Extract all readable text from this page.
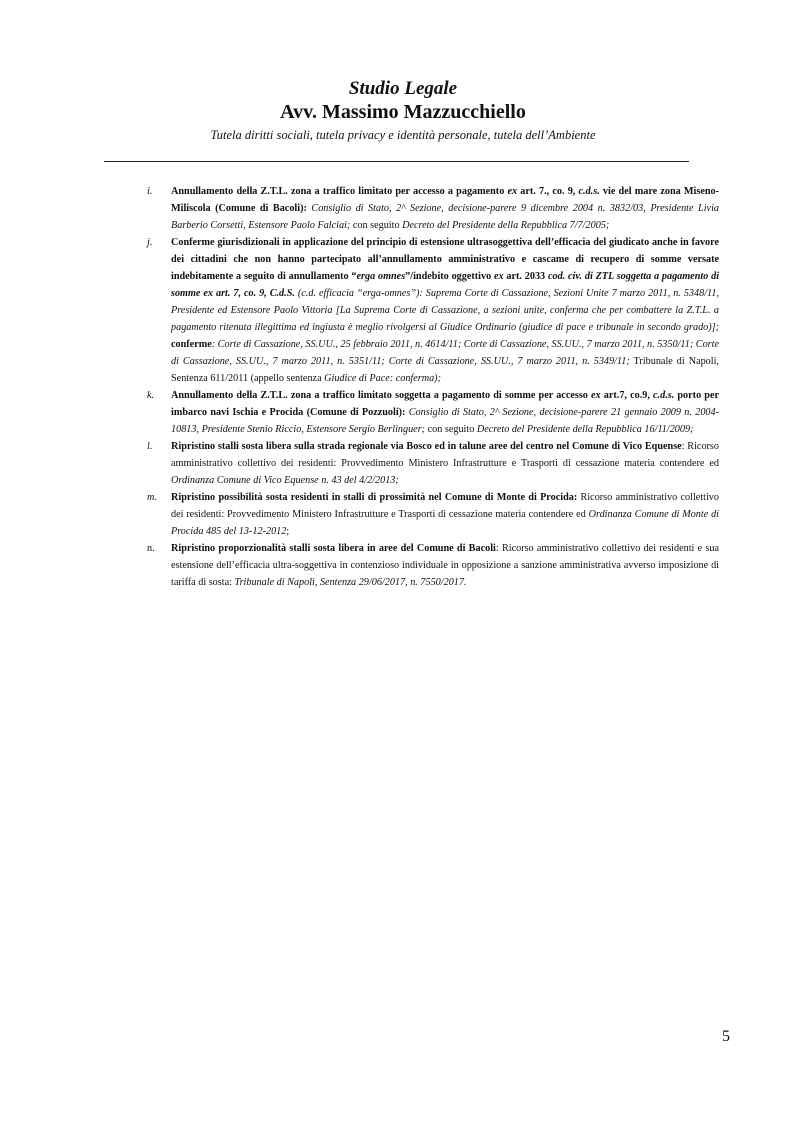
Studio Legale
Avv. Massimo Mazzucchiello
Tutela diritti sociali, tutela privacy e identità personale, tutela dell’Ambiente
i. Annullamento della Z.T.L. zona a traffico limitato per accesso a pagamento ex art. 7., co. 9, c.d.s. vie del mare zona Miseno-Miliscola (Comune di Bacoli): Consiglio di Stato, 2^ Sezione, decisione-parere 9 dicembre 2004 n. 3832/03, Presidente Livia Barberio Corsetti, Estensore Paolo Falciai; con seguito Decreto del Presidente della Repubblica 7/7/2005;
j. Conferme giurisdizionali in applicazione del principio di estensione ultrasoggettiva dell’efficacia del giudicato anche in favore dei cittadini che non hanno partecipato all’annullamento amministrativo e cascame di recupero di somme versate indebitamente a seguito di annullamento “erga omnes”/indebito oggettivo ex art. 2033 cod. civ. di ZTL soggetta a pagamento di somme ex art. 7, co. 9, C.d.S. (c.d. efficacia “erga-omnes”): Suprema Corte di Cassazione, Sezioni Unite 7 marzo 2011, n. 5348/11, Presidente ed Estensore Paolo Vittoria [La Suprema Corte di Cassazione, a sezioni unite, conferma che per combattere la Z.T.L. a pagamento ritenuta illegittima ed ingiusta è meglio rivolgersi al Giudice Ordinario (giudice di pace e tribunale in secondo grado)]; conferme: Corte di Cassazione, SS.UU., 25 febbraio 2011, n. 4614/11; Corte di Cassazione, SS.UU., 7 marzo 2011, n. 5350/11; Corte di Cassazione, SS.UU., 7 marzo 2011, n. 5351/11; Corte di Cassazione, SS.UU., 7 marzo 2011, n. 5349/11; Tribunale di Napoli, Sentenza 611/2011 (appello sentenza Giudice di Pace: conferma);
k. Annullamento della Z.T.L. zona a traffico limitato soggetta a pagamento di somme per accesso ex art.7, co.9, c.d.s. porto per imbarco navi Ischia e Procida (Comune di Pozzuoli): Consiglio di Stato, 2^ Sezione, decisione-parere 21 gennaio 2009 n. 2004-10813, Presidente Stenio Riccio, Estensore Sergio Berlinguer; con seguito Decreto del Presidente della Repubblica 16/11/2009;
l. Ripristino stalli sosta libera sulla strada regionale via Bosco ed in talune aree del centro nel Comune di Vico Equense: Ricorso amministrativo collettivo dei residenti: Provvedimento Ministero Infrastrutture e Trasporti di cessazione materia contendere ed Ordinanza Comune di Vico Equense n. 43 del 4/2/2013;
m. Ripristino possibilità sosta residenti in stalli di prossimità nel Comune di Monte di Procida: Ricorso amministrativo collettivo dei residenti: Provvedimento Ministero Infrastrutture e Trasporti di cessazione materia contendere ed Ordinanza Comune di Monte di Procida 485 del 13-12-2012;
n. Ripristino proporzionalità stalli sosta libera in aree del Comune di Bacoli: Ricorso amministrativo collettivo dei residenti e sua estensione dell’efficacia ultra-soggettiva in contenzioso individuale in opposizione a sanzione amministrativa avverso imposizione di tariffa di sosta: Tribunale di Napoli, Sentenza 29/06/2017, n. 7550/2017.
5
